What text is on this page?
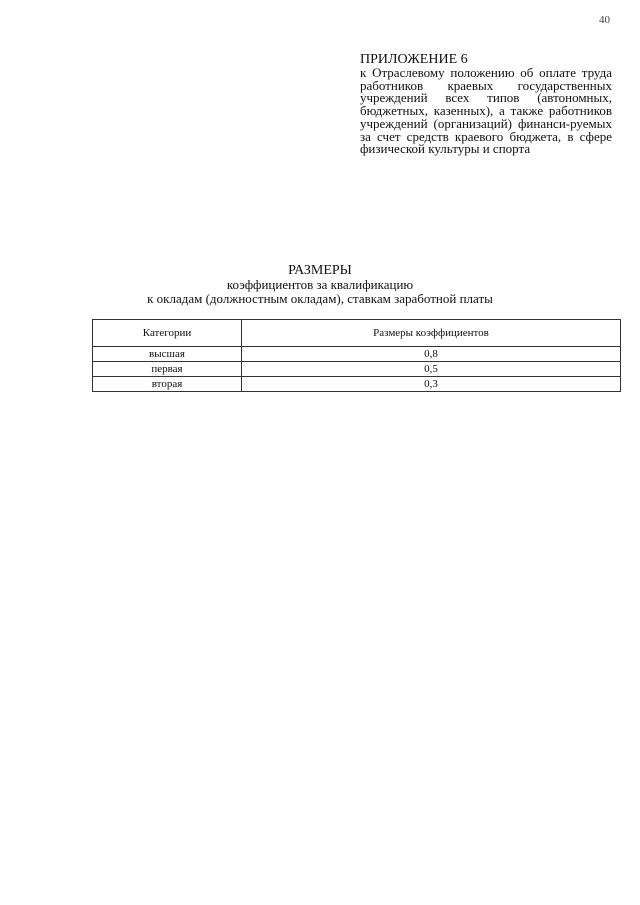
40

ПРИЛОЖЕНИЕ 6

к Отраслевому положению об оплате труда работников краевых государственных учреждений всех типов (автономных, бюджетных, казенных), а также работников учреждений (организаций) финанси-руемых за счет средств краевого бюджета, в сфере физической культуры и спорта

РАЗМЕРЫ

коэффициентов за квалификацию

к окладам (должностным окладам), ставкам заработной платы

Категории	Размеры коэффициентов
высшая	0,8
первая	0,5
вторая	0,3
